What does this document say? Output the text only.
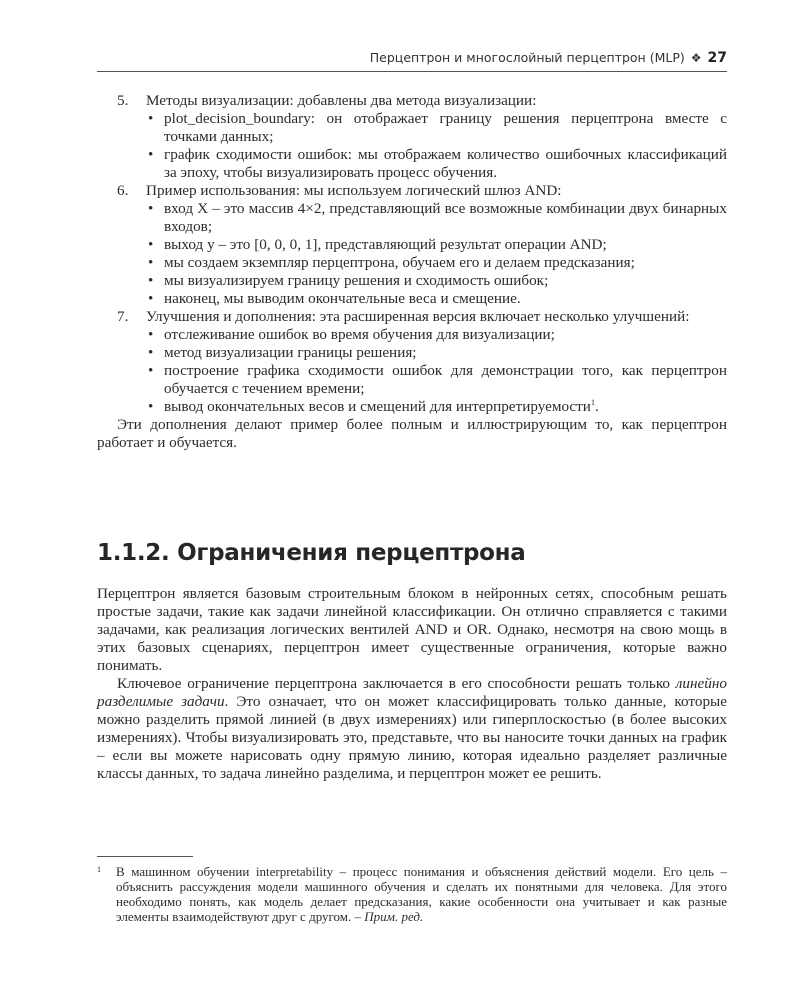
Перцептрон и многослойный перцептрон (MLP) ❖ 27
5. Методы визуализации: добавлены два метода визуализации:
• plot_decision_boundary: он отображает границу решения перцептрона вместе с точками данных;
• график сходимости ошибок: мы отображаем количество ошибочных классификаций за эпоху, чтобы визуализировать процесс обучения.
6. Пример использования: мы используем логический шлюз AND:
• вход X – это массив 4×2, представляющий все возможные комбинации двух бинарных входов;
• выход y – это [0, 0, 0, 1], представляющий результат операции AND;
• мы создаем экземпляр перцептрона, обучаем его и делаем предсказания;
• мы визуализируем границу решения и сходимость ошибок;
• наконец, мы выводим окончательные веса и смещение.
7. Улучшения и дополнения: эта расширенная версия включает несколько улучшений:
• отслеживание ошибок во время обучения для визуализации;
• метод визуализации границы решения;
• построение графика сходимости ошибок для демонстрации того, как перцептрон обучается с течением времени;
• вывод окончательных весов и смещений для интерпретируемости$^1$.

Эти дополнения делают пример более полным и иллюстрирующим то, как перцептрон работает и обучается.

1.1.2. Ограничения перцептрона

Перцептрон является базовым строительным блоком в нейронных сетях, способным решать простые задачи, такие как задачи линейной классификации. Он отлично справляется с такими задачами, как реализация логических вентилей AND и OR. Однако, несмотря на свою мощь в этих базовых сценариях, перцептрон имеет существенные ограничения, которые важно понимать.

Ключевое ограничение перцептрона заключается в его способности решать только линейно разделимые задачи. Это означает, что он может классифицировать только данные, которые можно разделить прямой линией (в двух измерениях) или гиперплоскостью (в более высоких измерениях). Чтобы визуализировать это, представьте, что вы наносите точки данных на график – если вы можете нарисовать одну прямую линию, которая идеально разделяет различные классы данных, то задача линейно разделима, и перцептрон может ее решить.

1	В машинном обучении interpretability – процесс понимания и объяснения действий модели. Его цель – объяснить рассуждения модели машинного обучения и сделать их понятными для человека. Для этого необходимо понять, как модель делает предсказания, какие особенности она учитывает и как разные элементы взаимодействуют друг с другом. – Прим. ред.
